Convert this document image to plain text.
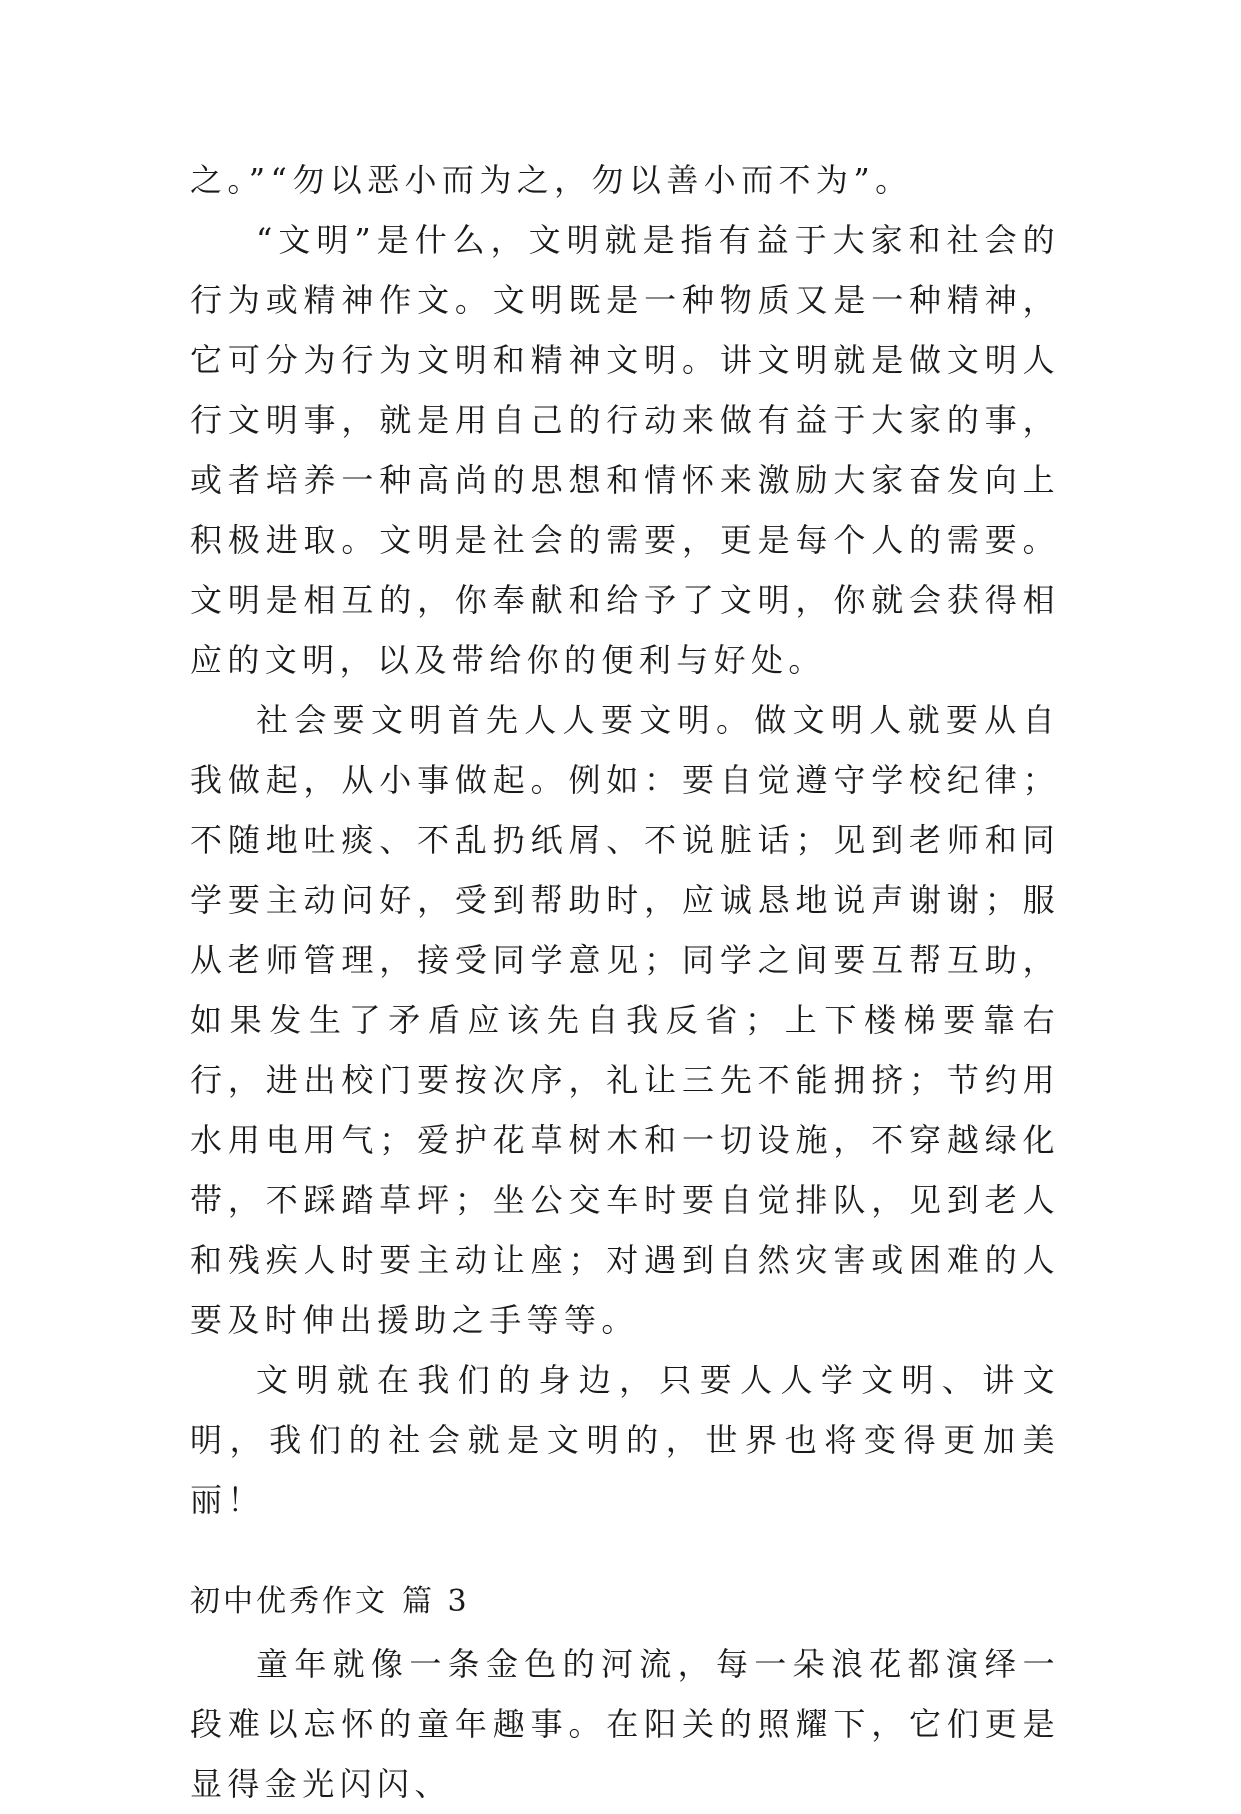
之。”“勿以恶小而为之，勿以善小而不为”。

“文明”是什么，文明就是指有益于大家和社会的行为或精神作文。文明既是一种物质又是一种精神，它可分为行为文明和精神文明。讲文明就是做文明人行文明事，就是用自己的行动来做有益于大家的事，或者培养一种高尚的思想和情怀来激励大家奋发向上积极进取。文明是社会的需要，更是每个人的需要。文明是相互的，你奉献和给予了文明，你就会获得相应的文明，以及带给你的便利与好处。

社会要文明首先人人要文明。做文明人就要从自我做起，从小事做起。例如：要自觉遵守学校纪律；不随地吐痰、不乱扔纸屑、不说脏话；见到老师和同学要主动问好，受到帮助时，应诚恳地说声谢谢；服从老师管理，接受同学意见；同学之间要互帮互助，如果发生了矛盾应该先自我反省；上下楼梯要靠右行，进出校门要按次序，礼让三先不能拥挤；节约用水用电用气；爱护花草树木和一切设施，不穿越绿化带，不踩踏草坪；坐公交车时要自觉排队，见到老人和残疾人时要主动让座；对遇到自然灾害或困难的人要及时伸出援助之手等等。

文明就在我们的身边，只要人人学文明、讲文明，我们的社会就是文明的，世界也将变得更加美丽！

初中优秀作文 篇 3

童年就像一条金色的河流，每一朵浪花都演绎一段难以忘怀的童年趣事。在阳关的照耀下，它们更是显得金光闪闪、
